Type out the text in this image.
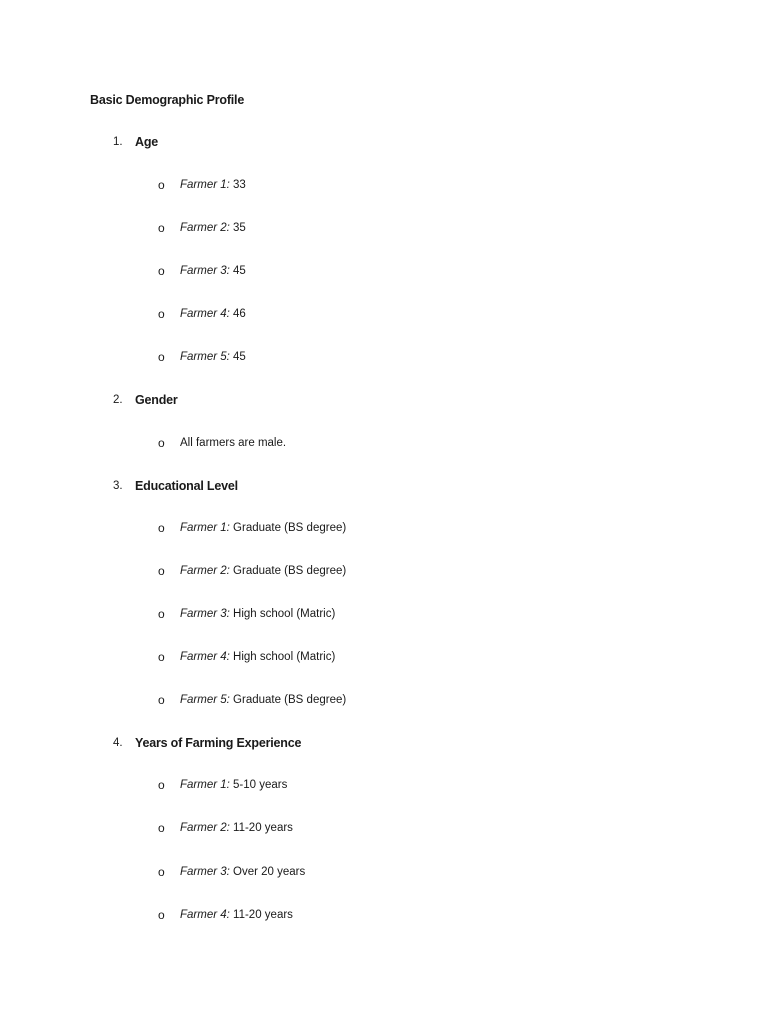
Basic Demographic Profile
1. Age
o Farmer 1: 33
o Farmer 2: 35
o Farmer 3: 45
o Farmer 4: 46
o Farmer 5: 45
2. Gender
o All farmers are male.
3. Educational Level
o Farmer 1: Graduate (BS degree)
o Farmer 2: Graduate (BS degree)
o Farmer 3: High school (Matric)
o Farmer 4: High school (Matric)
o Farmer 5: Graduate (BS degree)
4. Years of Farming Experience
o Farmer 1: 5-10 years
o Farmer 2: 11-20 years
o Farmer 3: Over 20 years
o Farmer 4: 11-20 years
